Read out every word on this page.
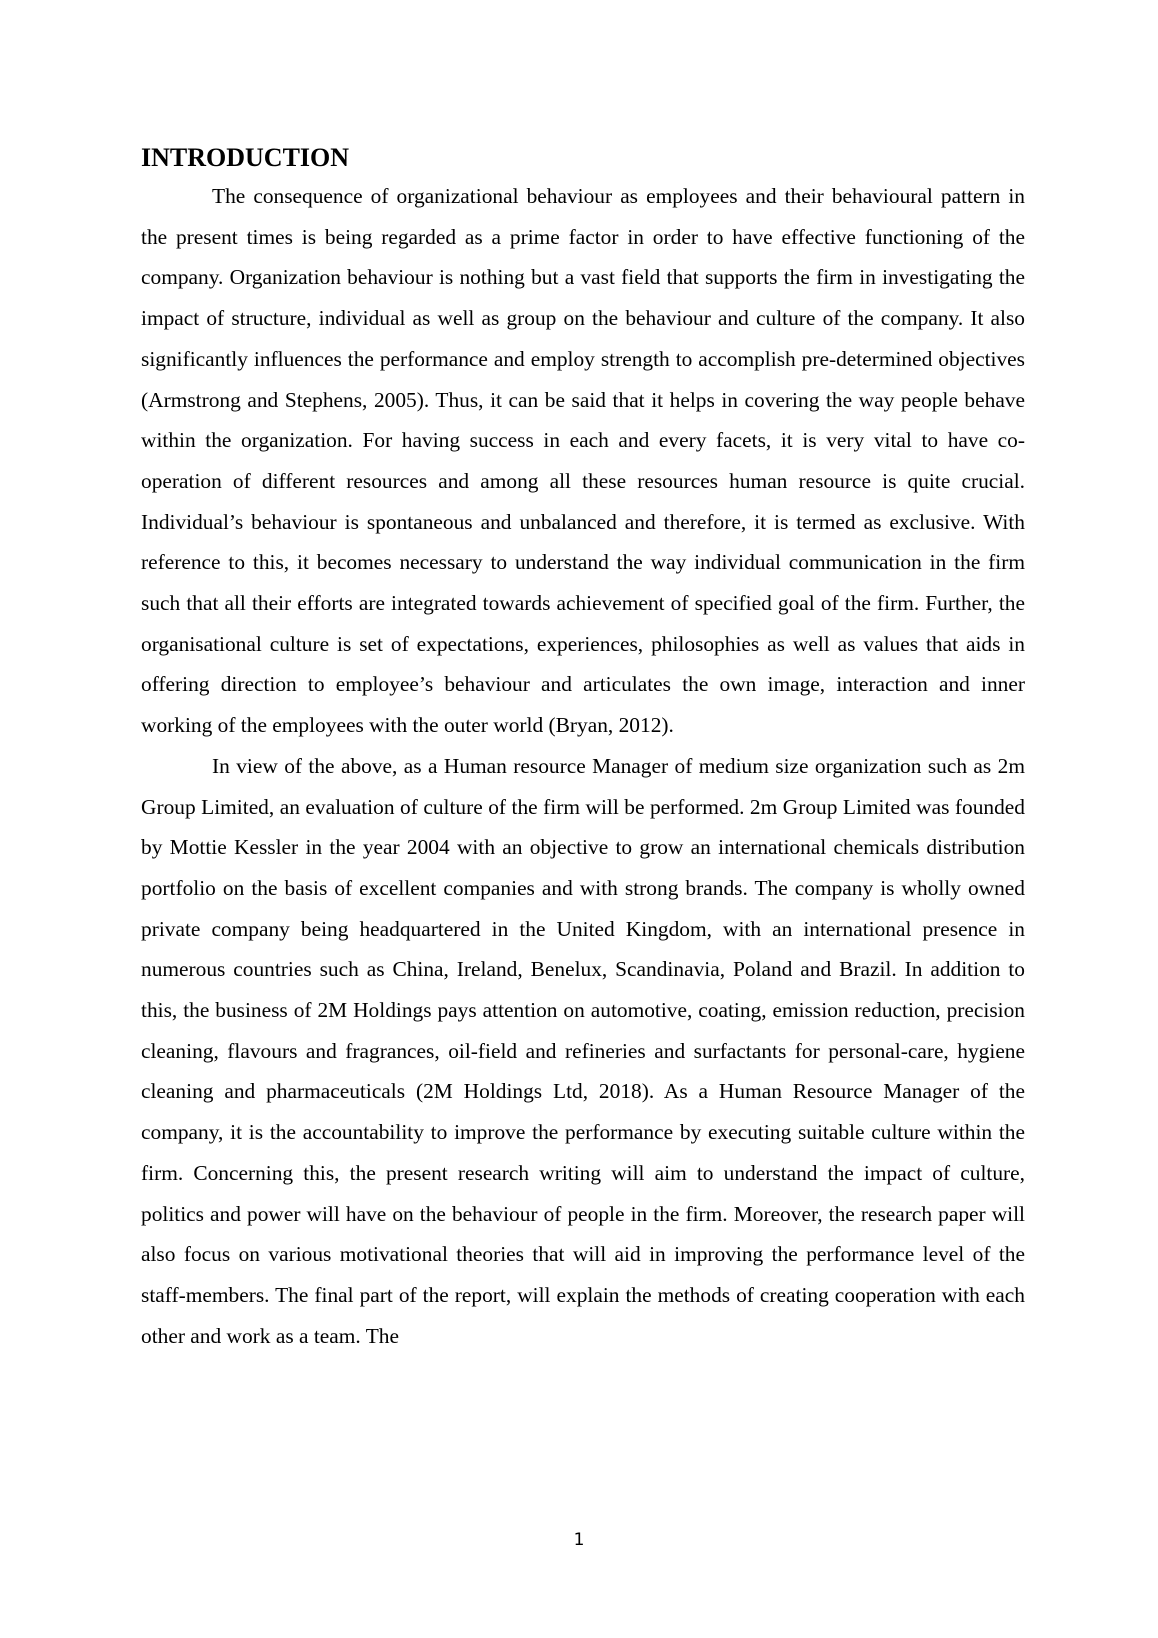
INTRODUCTION

The consequence of organizational behaviour as employees and their behavioural pattern in the present times is being regarded as a prime factor in order to have effective functioning of the company. Organization behaviour is nothing but a vast field that supports the firm in investigating the impact of structure, individual as well as group on the behaviour and culture of the company. It also significantly influences the performance and employ strength to accomplish pre-determined objectives (Armstrong and Stephens, 2005). Thus, it can be said that it helps in covering the way people behave within the organization. For having success in each and every facets, it is very vital to have co-operation of different resources and among all these resources human resource is quite crucial. Individual’s behaviour is spontaneous and unbalanced and therefore, it is termed as exclusive. With reference to this, it becomes necessary to understand the way individual communication in the firm such that all their efforts are integrated towards achievement of specified goal of the firm. Further, the organisational culture is set of expectations, experiences, philosophies as well as values that aids in offering direction to employee’s behaviour and articulates the own image, interaction and inner working of the employees with the outer world (Bryan, 2012).

In view of the above, as a Human resource Manager of medium size organization such as 2m Group Limited, an evaluation of culture of the firm will be performed. 2m Group Limited was founded by Mottie Kessler in the year 2004 with an objective to grow an international chemicals distribution portfolio on the basis of excellent companies and with strong brands. The company is wholly owned private company being headquartered in the United Kingdom, with an international presence in numerous countries such as China, Ireland, Benelux, Scandinavia, Poland and Brazil. In addition to this, the business of 2M Holdings pays attention on automotive, coating, emission reduction, precision cleaning, flavours and fragrances, oil-field and refineries and surfactants for personal-care, hygiene cleaning and pharmaceuticals (2M Holdings Ltd, 2018). As a Human Resource Manager of the company, it is the accountability to improve the performance by executing suitable culture within the firm. Concerning this, the present research writing will aim to understand the impact of culture, politics and power will have on the behaviour of people in the firm. Moreover, the research paper will also focus on various motivational theories that will aid in improving the performance level of the staff-members. The final part of the report, will explain the methods of creating cooperation with each other and work as a team. The

1
